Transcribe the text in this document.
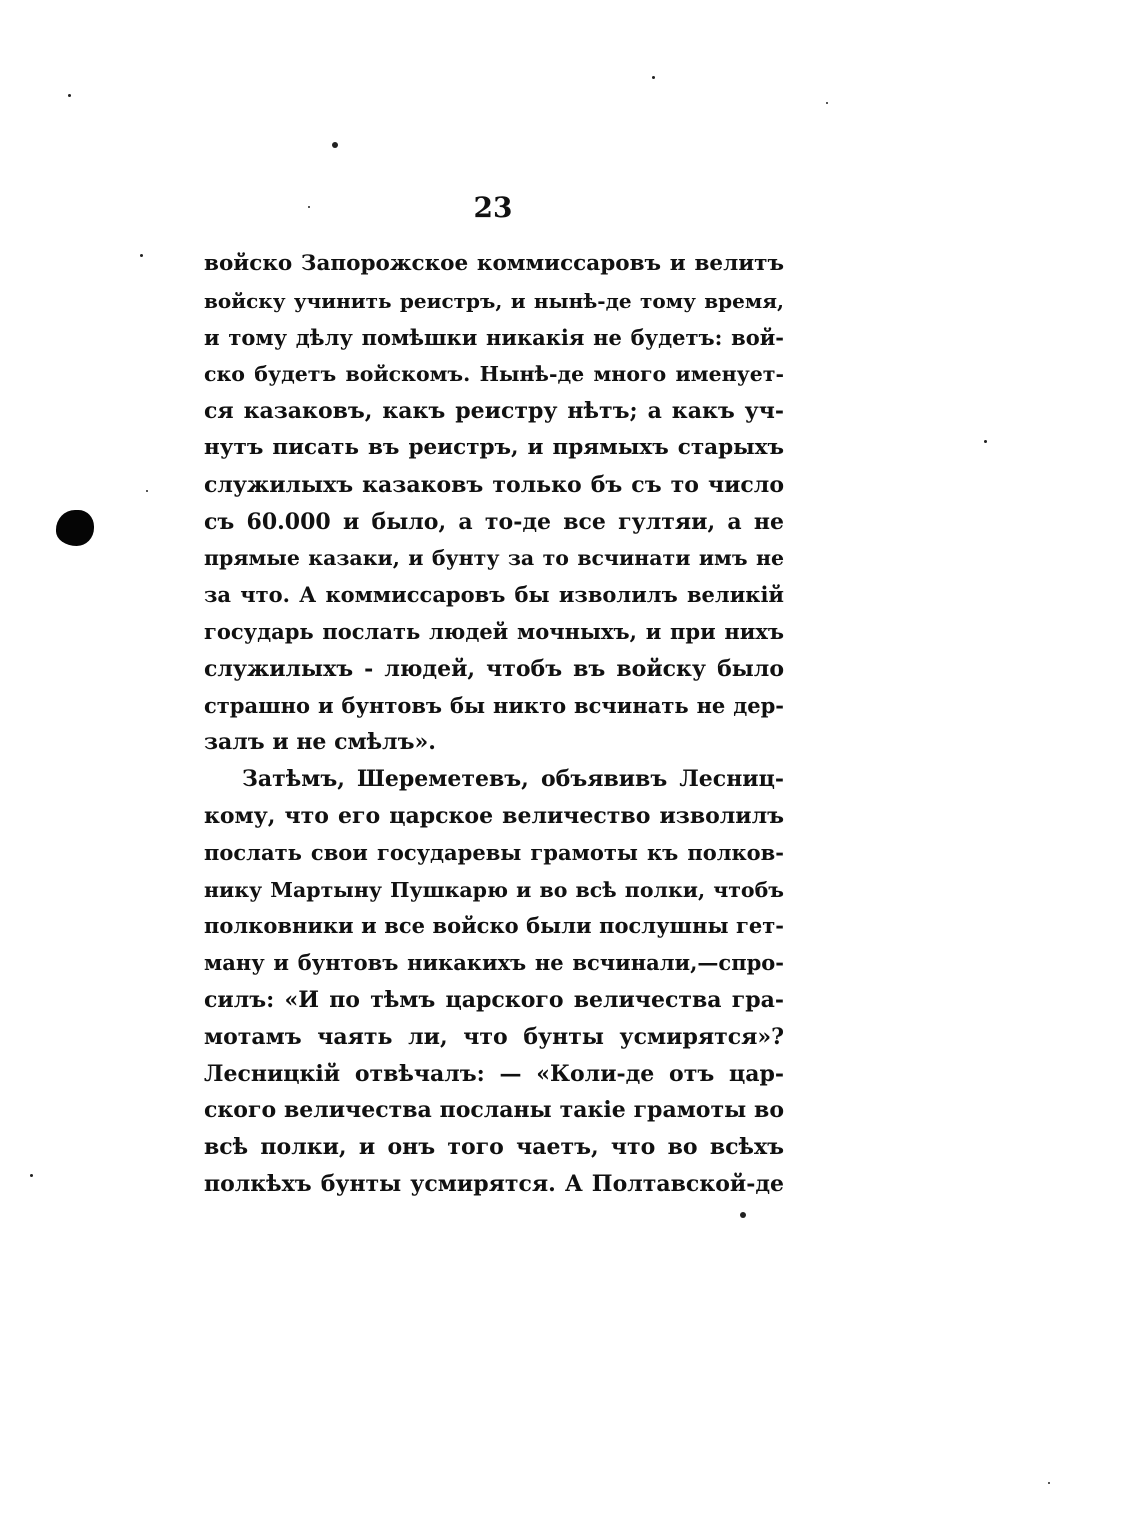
23
войско Запорожское коммиссаровъ и велитъ
войску учинить реистръ, и нынѣ-де тому время,
и тому дѣлу помѣшки никакія не будетъ: вой-
ско будетъ войскомъ. Нынѣ-де много именует-
ся казаковъ, какъ реистру нѣтъ; а какъ уч-
нутъ писать въ реистръ, и прямыхъ старыхъ
служилыхъ казаковъ только бъ съ то число
съ 60.000 и было, а то-де все гултяи, а не
прямые казаки, и бунту за то всчинати имъ не
за что. А коммиссаровъ бы изволилъ великій
государь послать людей мочныхъ, и при нихъ
служилыхъ - людей, чтобъ въ войску было
страшно и бунтовъ бы никто всчинать не дер-
залъ и не смѣлъ».
Затѣмъ, Шереметевъ, объявивъ Лесниц-
кому, что его царское величество изволилъ
послать свои государевы грамоты къ полков-
нику Мартыну Пушкарю и во всѣ полки, чтобъ
полковники и все войско были послушны гет-
ману и бунтовъ никакихъ не всчинали,—спро-
силъ: «И по тѣмъ царского величества гра-
мотамъ чаять ли, что бунты усмирятся»?
Лесницкій отвѣчалъ: — «Коли-де отъ цар-
ского величества посланы такіе грамоты во
всѣ полки, и онъ того чаетъ, что во всѣхъ
полкѣхъ бунты усмирятся. А Полтавской-де
